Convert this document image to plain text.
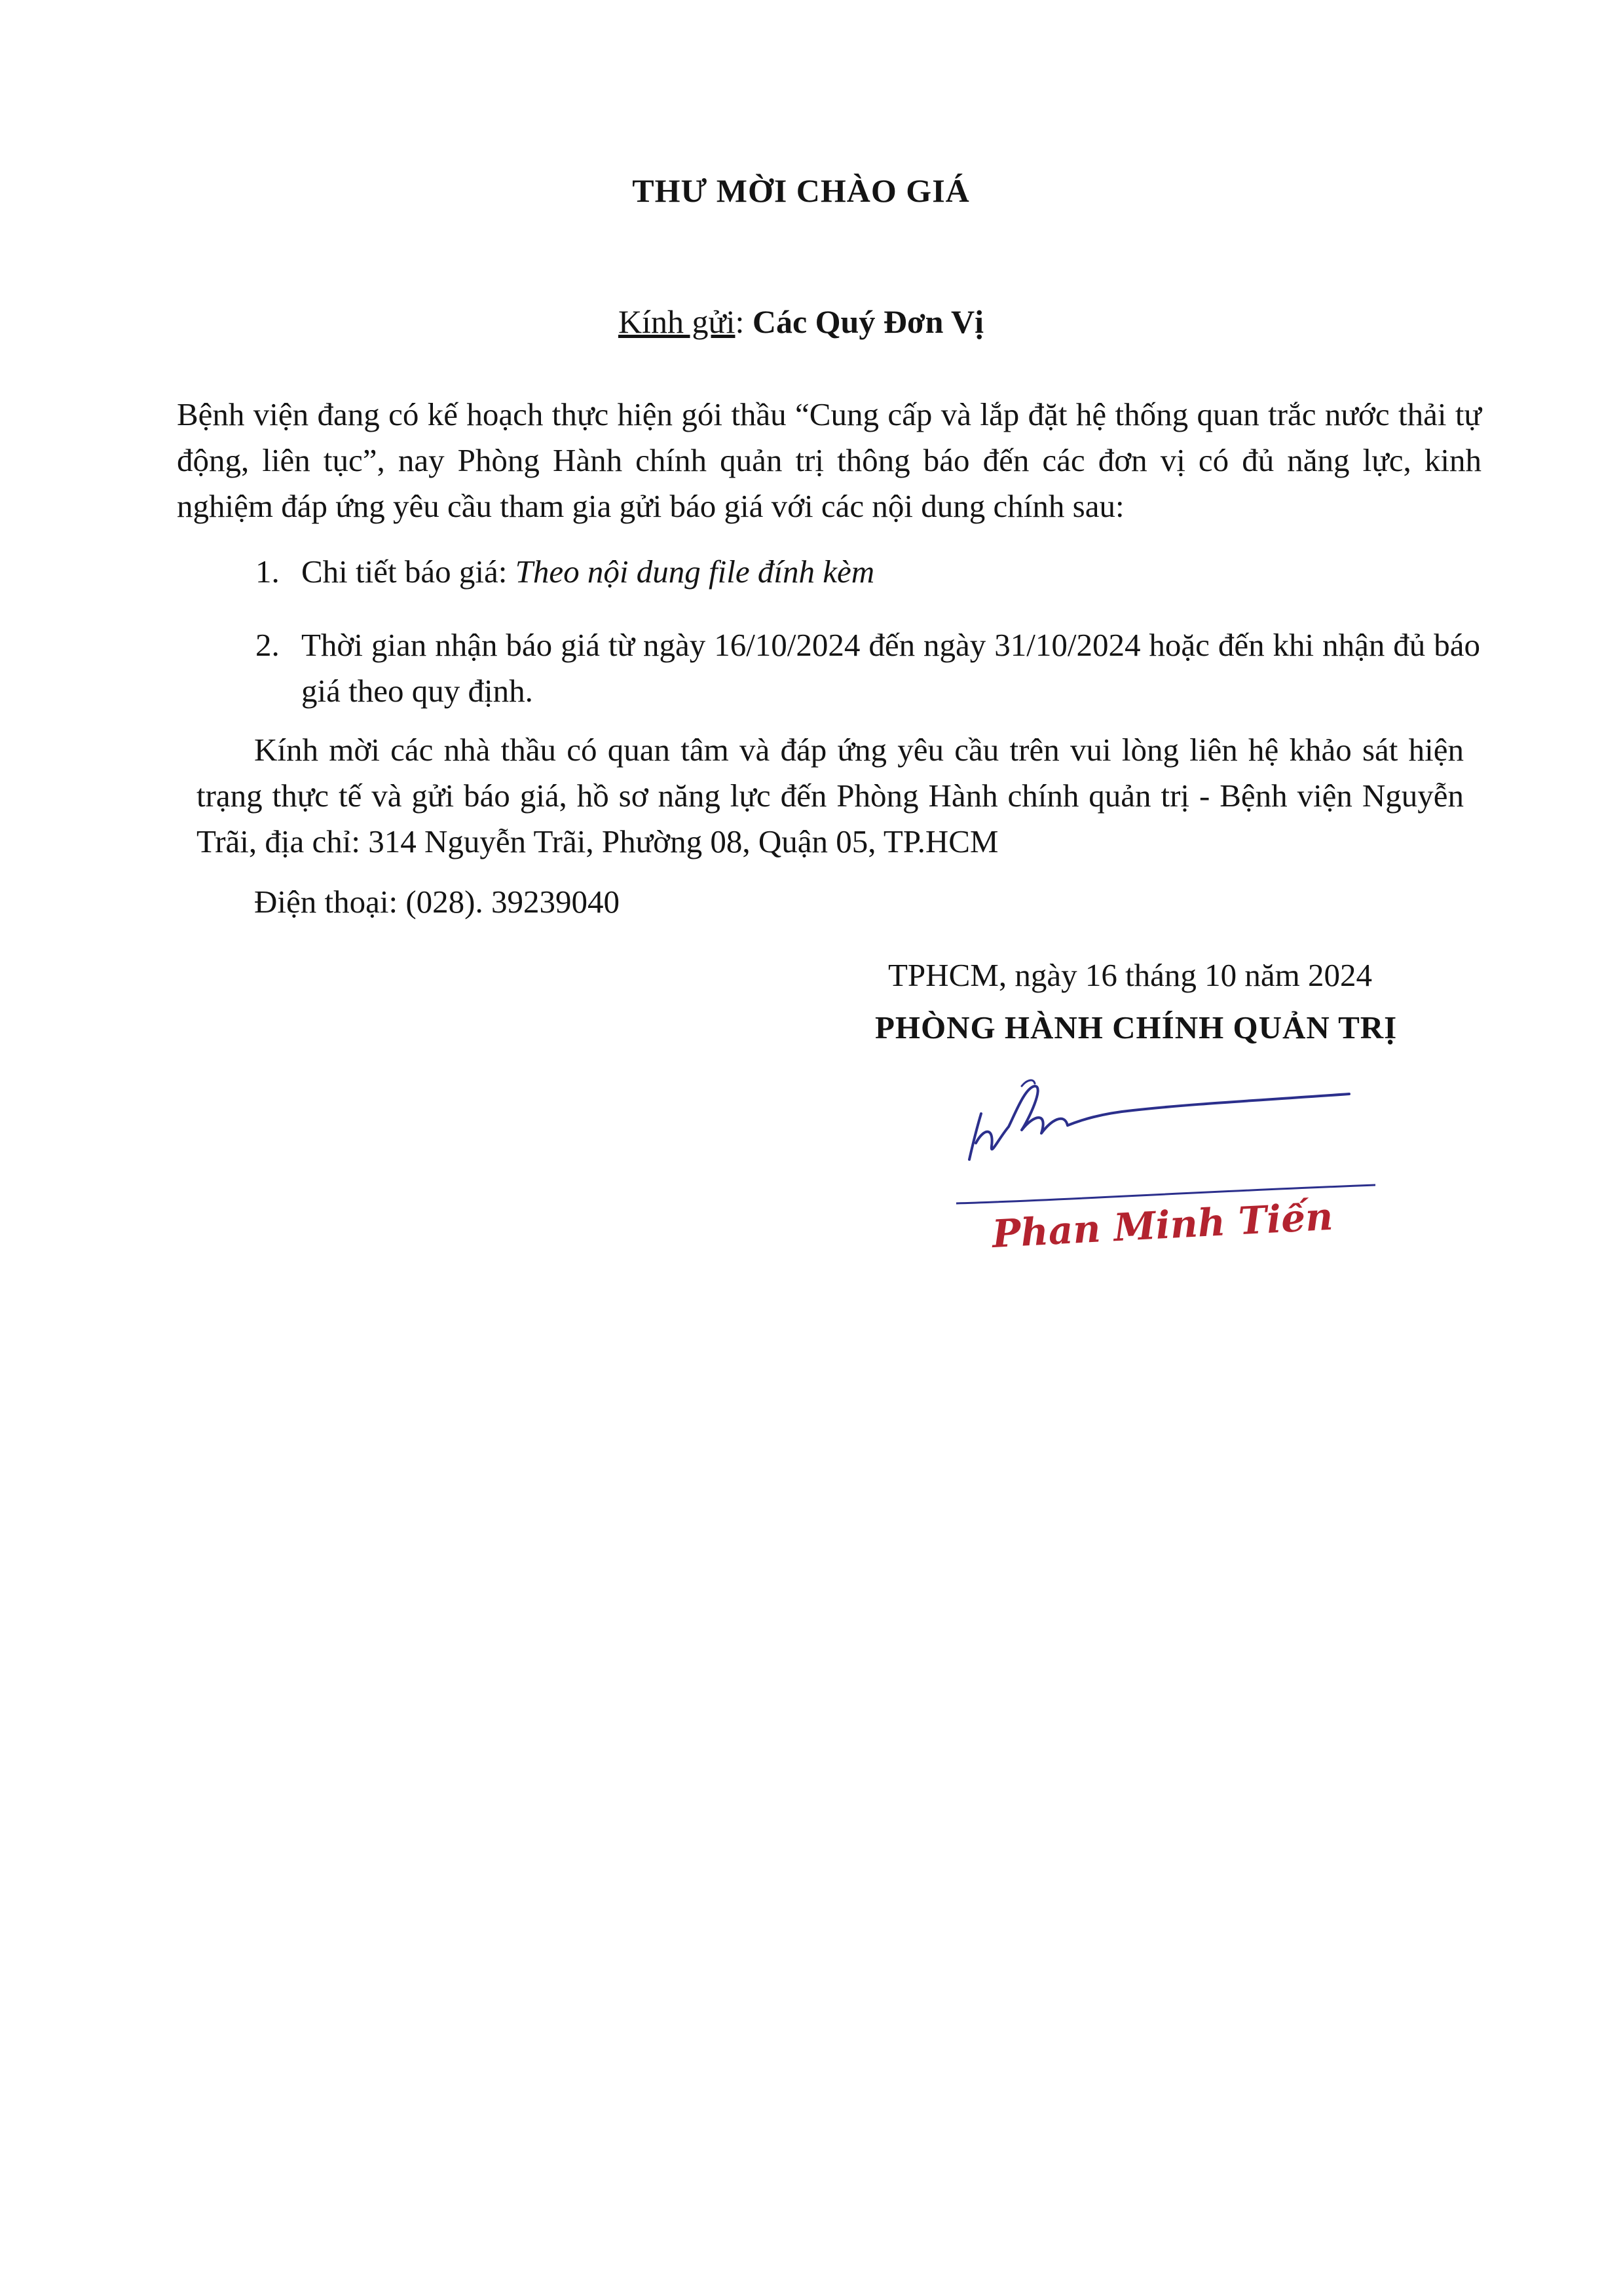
THƯ MỜI CHÀO GIÁ
Kính gửi: Các Quý Đơn Vị
Bệnh viện đang có kế hoạch thực hiện gói thầu “Cung cấp và lắp đặt hệ thống quan trắc nước thải tự động, liên tục”, nay Phòng Hành chính quản trị thông báo đến các đơn vị có đủ năng lực, kinh nghiệm đáp ứng yêu cầu tham gia gửi báo giá với các nội dung chính sau:
1. Chi tiết báo giá: Theo nội dung file đính kèm
2. Thời gian nhận báo giá từ ngày 16/10/2024 đến ngày 31/10/2024 hoặc đến khi nhận đủ báo giá theo quy định.
Kính mời các nhà thầu có quan tâm và đáp ứng yêu cầu trên vui lòng liên hệ khảo sát hiện trạng thực tế và gửi báo giá, hồ sơ năng lực đến Phòng Hành chính quản trị - Bệnh viện Nguyễn Trãi, địa chỉ: 314 Nguyễn Trãi, Phường 08, Quận 05, TP.HCM
Điện thoại: (028). 39239040
TPHCM, ngày 16 tháng 10 năm 2024
PHÒNG HÀNH CHÍNH QUẢN TRỊ
Phan Minh Tiến
